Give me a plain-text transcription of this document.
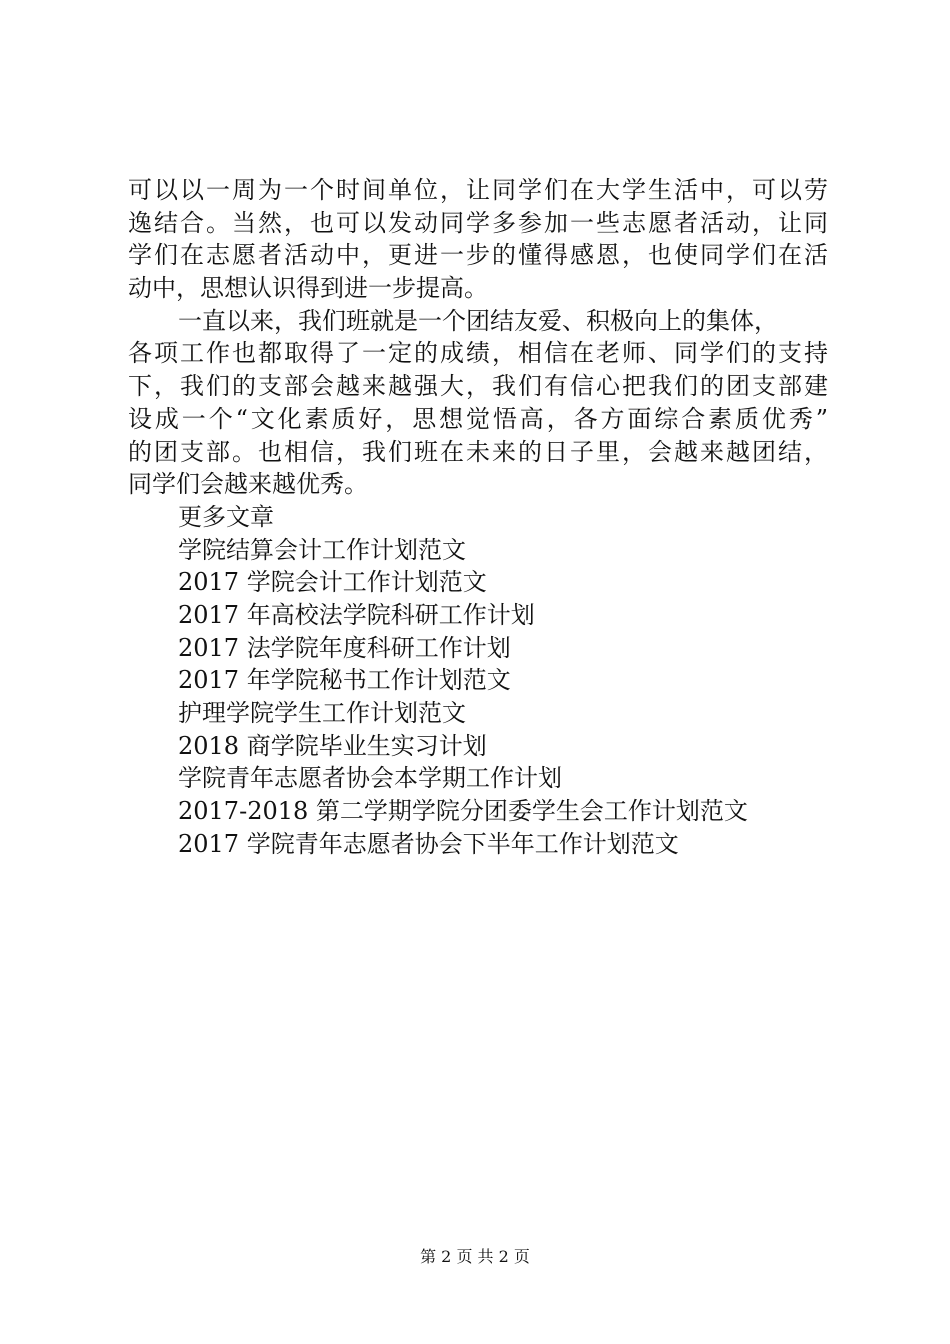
可以以一周为一个时间单位，让同学们在大学生活中，可以劳
逸结合。当然，也可以发动同学多参加一些志愿者活动，让同
学们在志愿者活动中，更进一步的懂得感恩，也使同学们在活
动中，思想认识得到进一步提高。
一直以来，我们班就是一个团结友爱、积极向上的集体，
各项工作也都取得了一定的成绩，相信在老师、同学们的支持
下，我们的支部会越来越强大，我们有信心把我们的团支部建
设成一个“文化素质好，思想觉悟高，各方面综合素质优秀”
的团支部。也相信，我们班在未来的日子里，会越来越团结，
同学们会越来越优秀。
更多文章
学院结算会计工作计划范文
2017 学院会计工作计划范文
2017 年高校法学院科研工作计划
2017 法学院年度科研工作计划
2017 年学院秘书工作计划范文
护理学院学生工作计划范文
2018 商学院毕业生实习计划
学院青年志愿者协会本学期工作计划
2017-2018 第二学期学院分团委学生会工作计划范文
2017 学院青年志愿者协会下半年工作计划范文
第 2 页 共 2 页
